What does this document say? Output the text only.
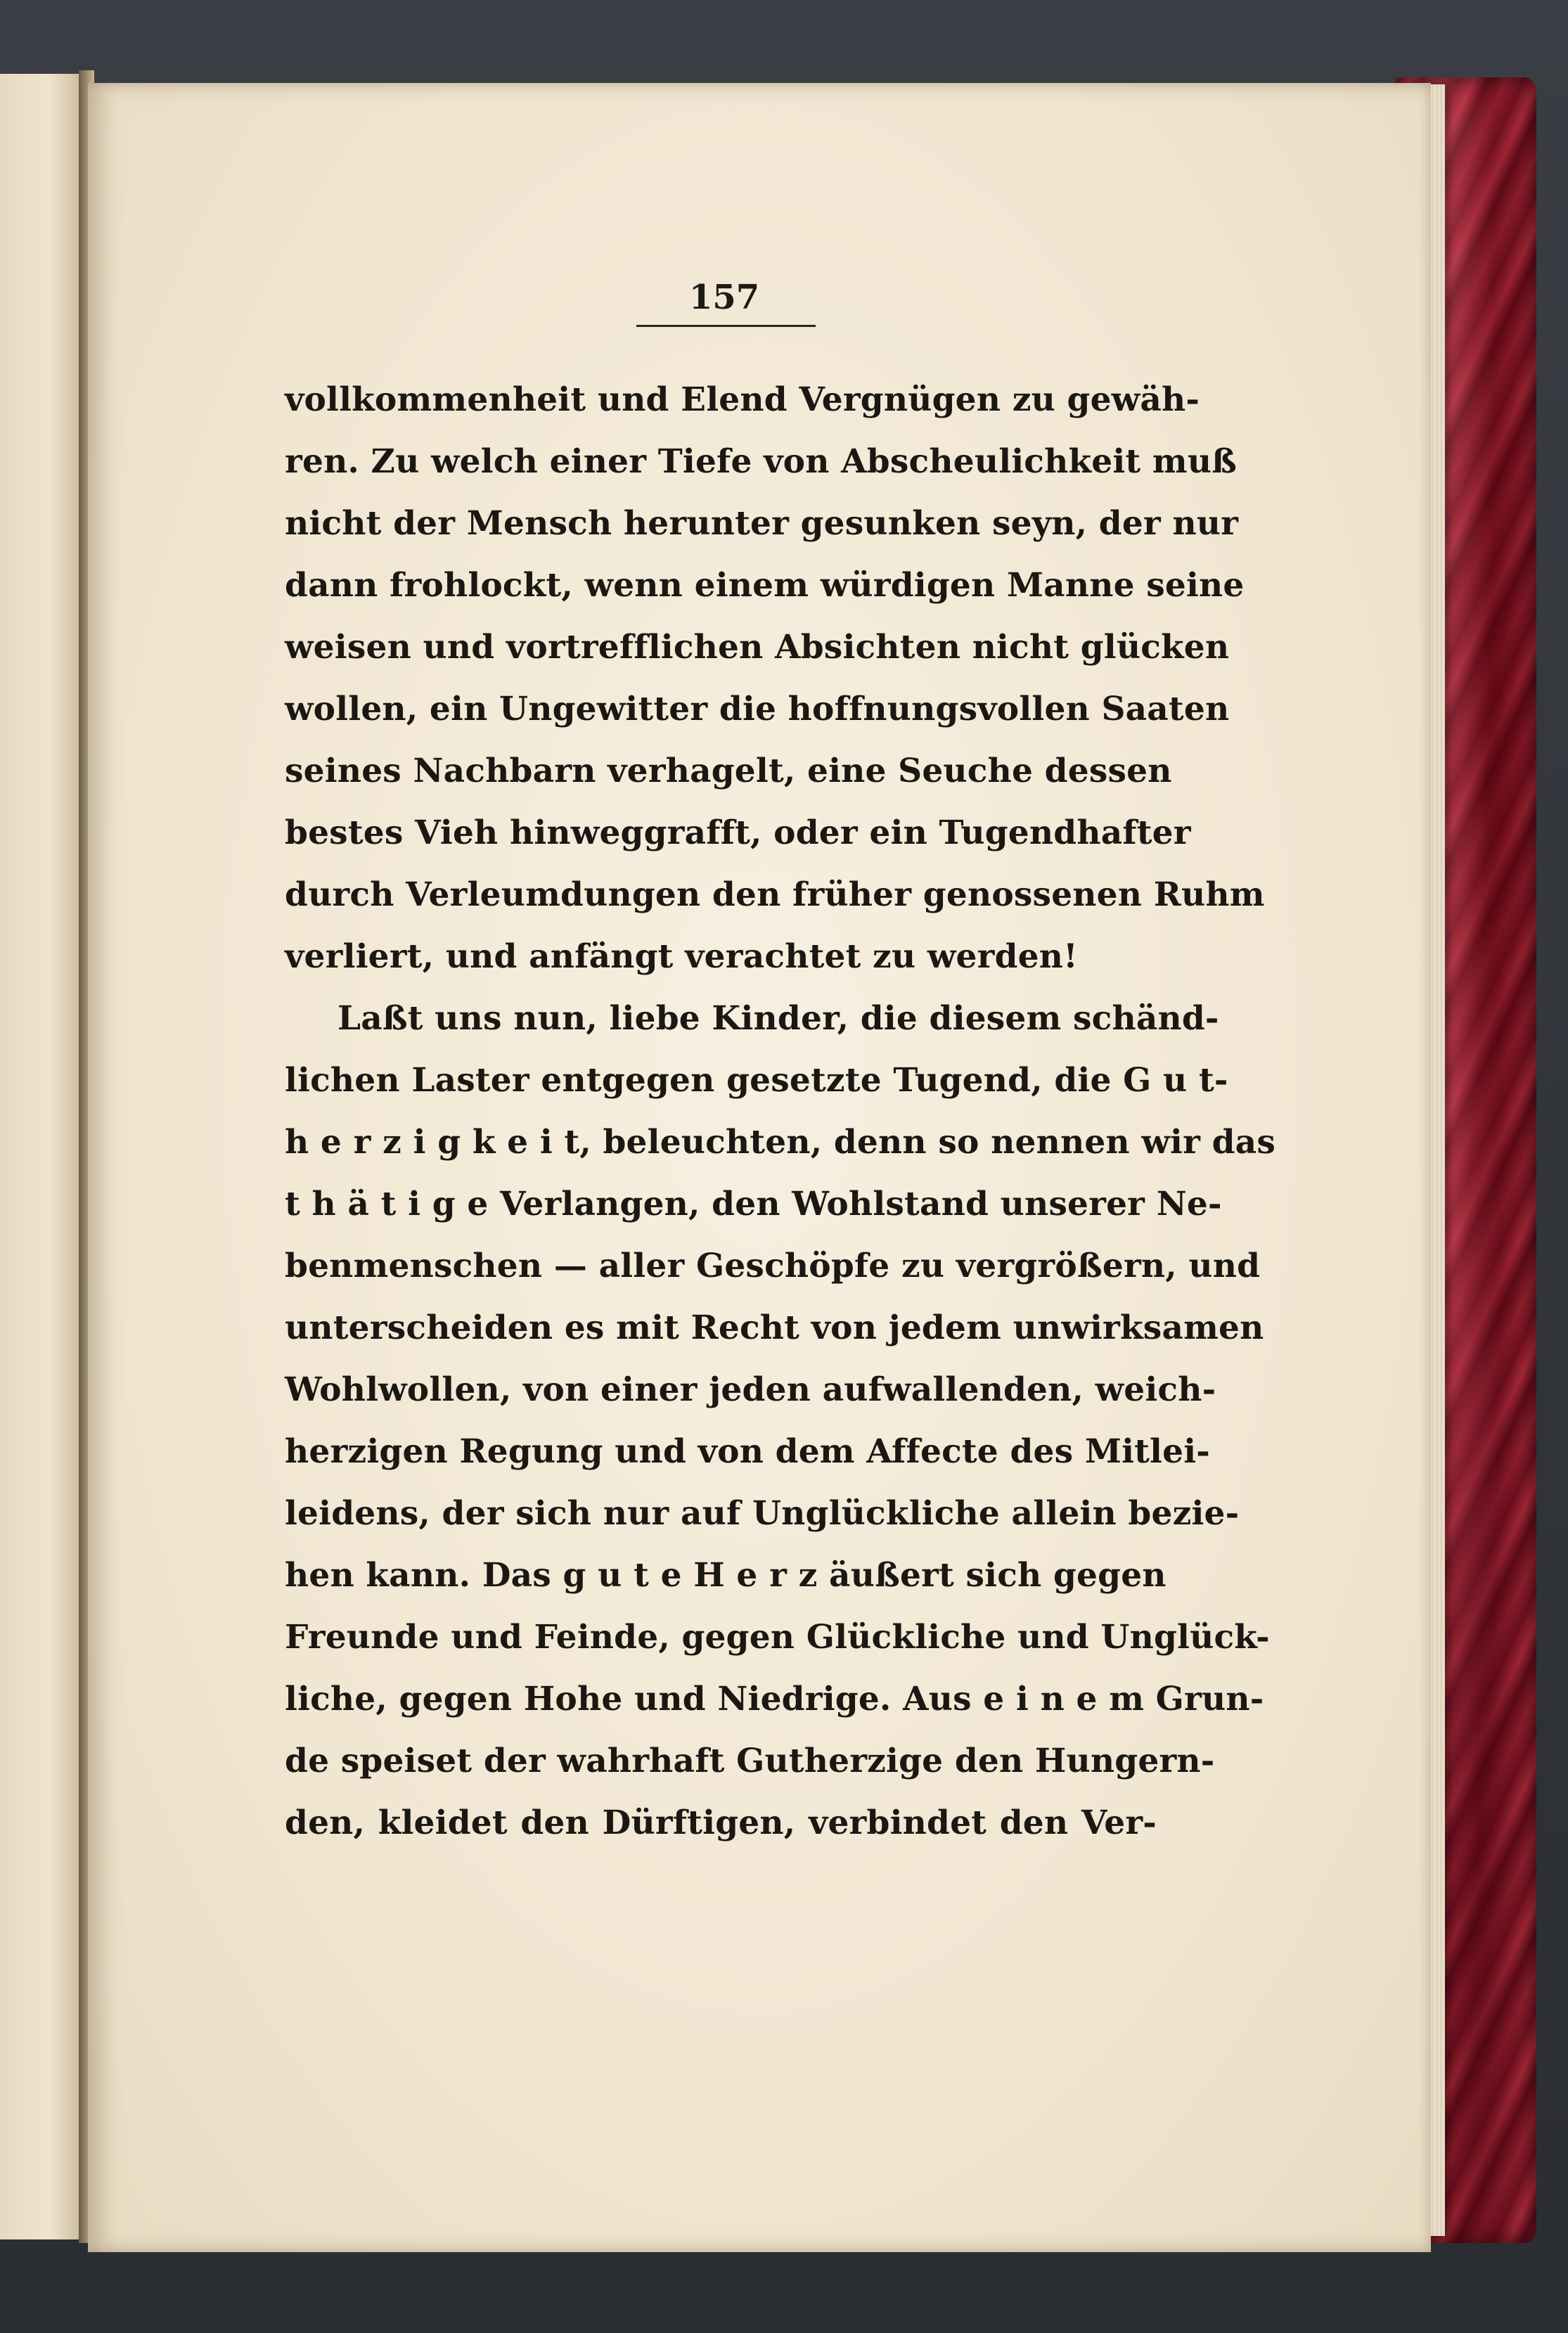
157
vollkommenheit und Elend Vergnügen zu gewäh-
ren. Zu welch einer Tiefe von Abscheulichkeit muß
nicht der Mensch herunter gesunken seyn, der nur
dann frohlockt, wenn einem würdigen Manne seine
weisen und vortrefflichen Absichten nicht glücken
wollen, ein Ungewitter die hoffnungsvollen Saaten
seines Nachbarn verhagelt, eine Seuche dessen
bestes Vieh hinweggrafft, oder ein Tugendhafter
durch Verleumdungen den früher genossenen Ruhm
verliert, und anfängt verachtet zu werden!
Laßt uns nun, liebe Kinder, die diesem schänd-
lichen Laster entgegen gesetzte Tugend, die G u t-
h e r z i g k e i t, beleuchten, denn so nennen wir das
t h ä t i g e Verlangen, den Wohlstand unserer Ne-
benmenschen — aller Geschöpfe zu vergrößern, und
unterscheiden es mit Recht von jedem unwirksamen
Wohlwollen, von einer jeden aufwallenden, weich-
herzigen Regung und von dem Affecte des Mitlei-
leidens, der sich nur auf Unglückliche allein bezie-
hen kann. Das g u t e H e r z äußert sich gegen
Freunde und Feinde, gegen Glückliche und Unglück-
liche, gegen Hohe und Niedrige. Aus e i n e m Grun-
de speiset der wahrhaft Gutherzige den Hungern-
den, kleidet den Dürftigen, verbindet den Ver-
